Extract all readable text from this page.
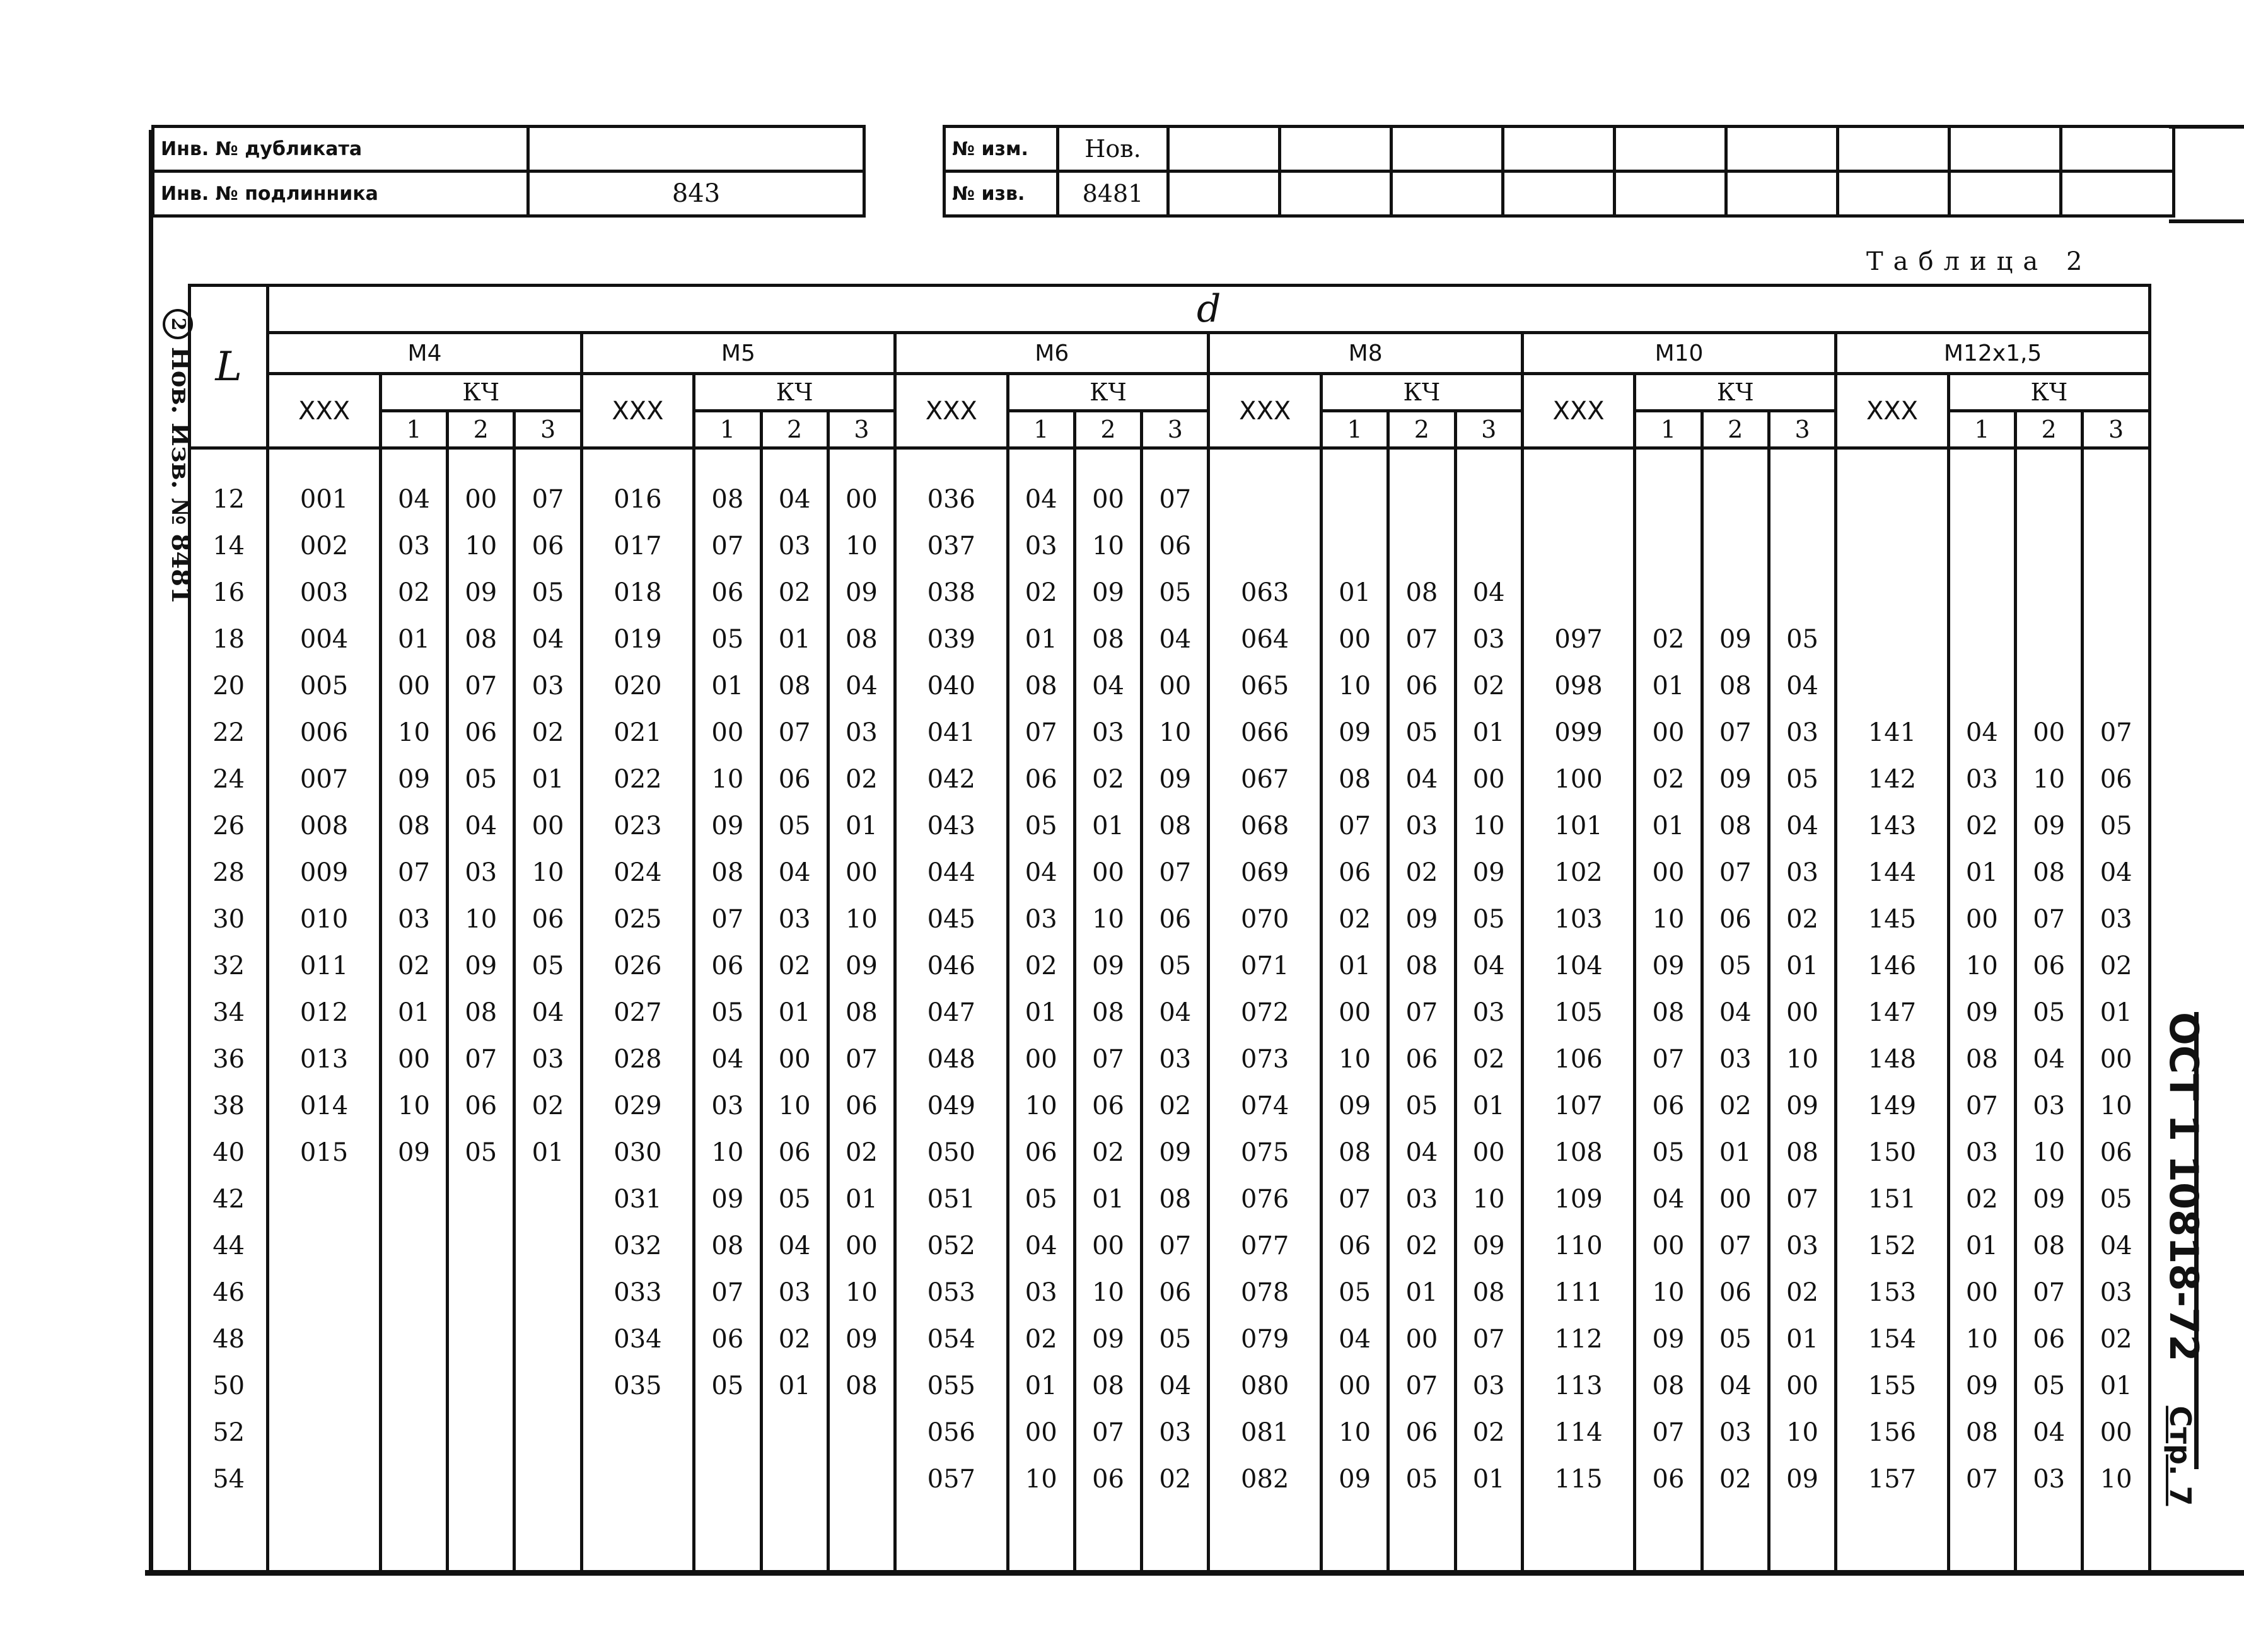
Инв. № дубликата	
Инв. № подлинника	843
№ изм.	Нов.									
№ изв.	8481									
Таблица 2
2Нов. Изв. № 8481
ОСТ 1 10818-72Стр. 7
L	d																							
	M4				M5				M6				M8				M10				M12x1,5			
	XXX	КЧ			XXX	КЧ			XXX	КЧ			XXX	КЧ			XXX	КЧ			XXX	КЧ		
		1	2	3		1	2	3		1	2	3		1	2	3		1	2	3		1	2	3

12	001	04	00	07	016	08	04	00	036	04	00	07												
14	002	03	10	06	017	07	03	10	037	03	10	06												
16	003	02	09	05	018	06	02	09	038	02	09	05	063	01	08	04								
18	004	01	08	04	019	05	01	08	039	01	08	04	064	00	07	03	097	02	09	05				
20	005	00	07	03	020	01	08	04	040	08	04	00	065	10	06	02	098	01	08	04				
22	006	10	06	02	021	00	07	03	041	07	03	10	066	09	05	01	099	00	07	03	141	04	00	07
24	007	09	05	01	022	10	06	02	042	06	02	09	067	08	04	00	100	02	09	05	142	03	10	06
26	008	08	04	00	023	09	05	01	043	05	01	08	068	07	03	10	101	01	08	04	143	02	09	05
28	009	07	03	10	024	08	04	00	044	04	00	07	069	06	02	09	102	00	07	03	144	01	08	04
30	010	03	10	06	025	07	03	10	045	03	10	06	070	02	09	05	103	10	06	02	145	00	07	03
32	011	02	09	05	026	06	02	09	046	02	09	05	071	01	08	04	104	09	05	01	146	10	06	02
34	012	01	08	04	027	05	01	08	047	01	08	04	072	00	07	03	105	08	04	00	147	09	05	01
36	013	00	07	03	028	04	00	07	048	00	07	03	073	10	06	02	106	07	03	10	148	08	04	00
38	014	10	06	02	029	03	10	06	049	10	06	02	074	09	05	01	107	06	02	09	149	07	03	10
40	015	09	05	01	030	10	06	02	050	06	02	09	075	08	04	00	108	05	01	08	150	03	10	06
42					031	09	05	01	051	05	01	08	076	07	03	10	109	04	00	07	151	02	09	05
44					032	08	04	00	052	04	00	07	077	06	02	09	110	00	07	03	152	01	08	04
46					033	07	03	10	053	03	10	06	078	05	01	08	111	10	06	02	153	00	07	03
48					034	06	02	09	054	02	09	05	079	04	00	07	112	09	05	01	154	10	06	02
50					035	05	01	08	055	01	08	04	080	00	07	03	113	08	04	00	155	09	05	01
52									056	00	07	03	081	10	06	02	114	07	03	10	156	08	04	00
54									057	10	06	02	082	09	05	01	115	06	02	09	157	07	03	10
